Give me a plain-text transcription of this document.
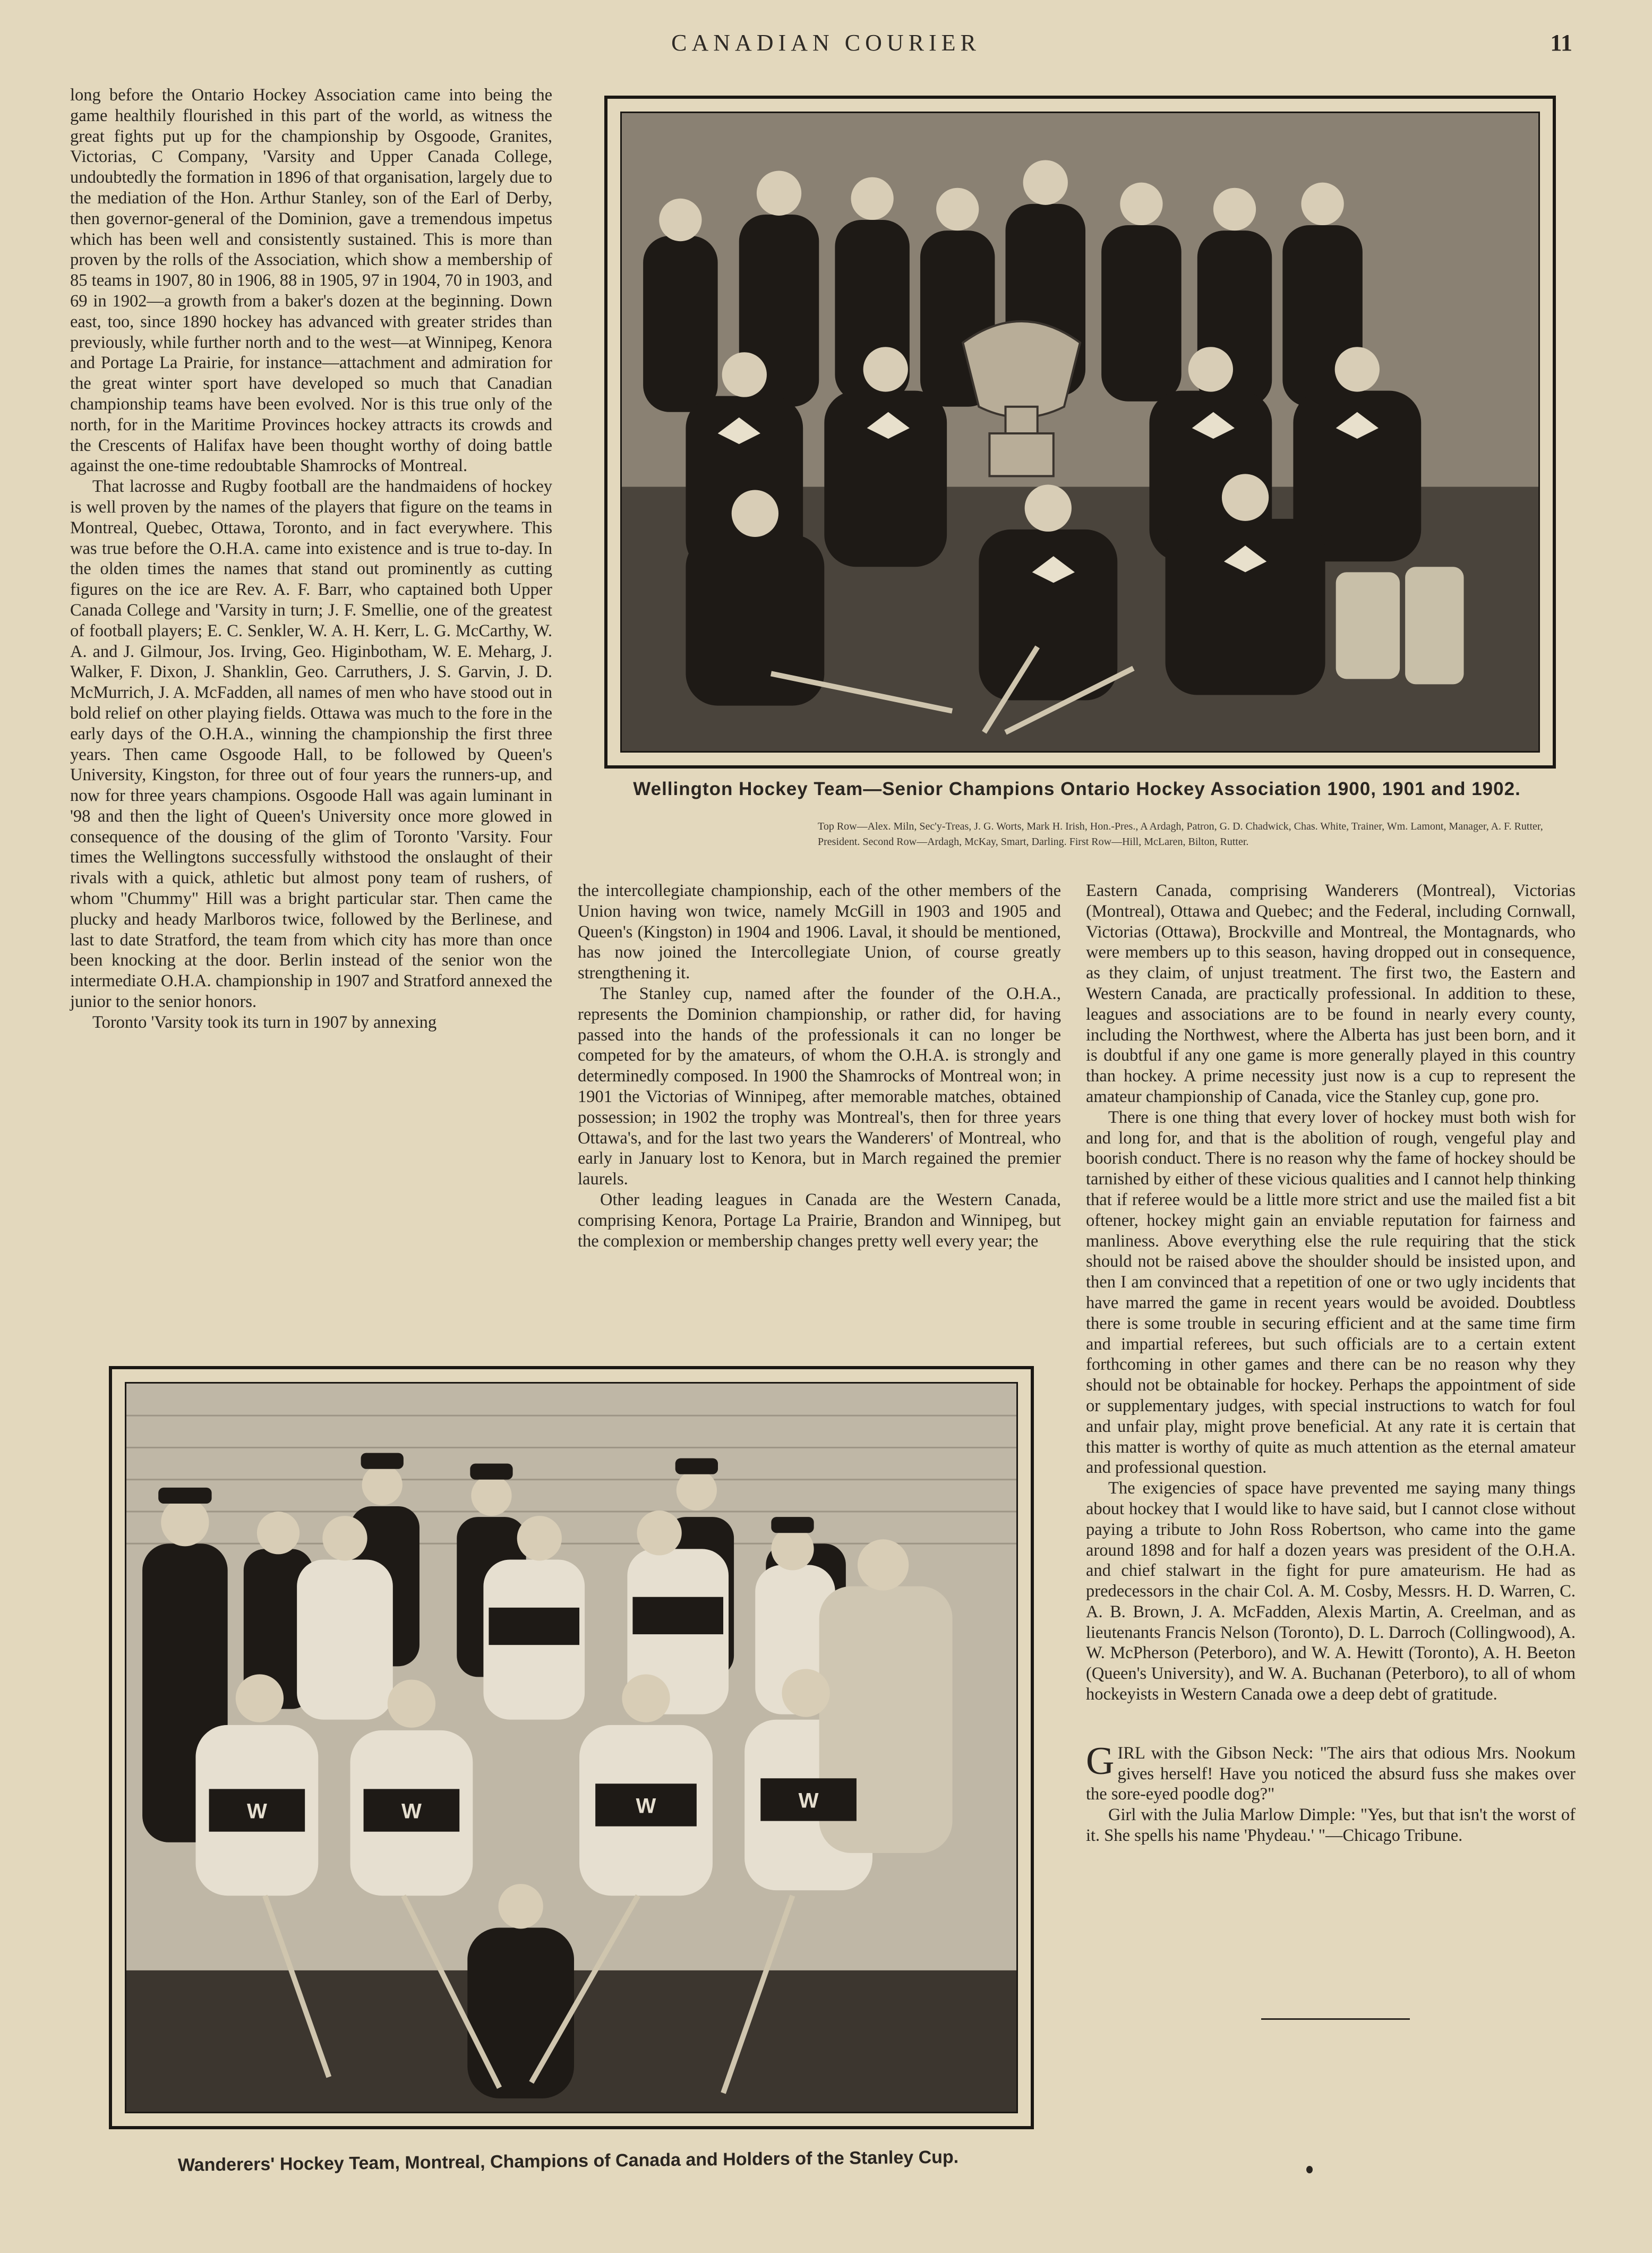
CANADIAN COURIER	11

long before the Ontario Hockey Association came into being the game healthily flourished in this part of the world, as witness the great fights put up for the championship by Osgoode, Granites, Victorias, C Company, 'Varsity and Upper Canada College, undoubtedly the formation in 1896 of that organisation, largely due to the mediation of the Hon. Arthur Stanley, son of the Earl of Derby, then governor-general of the Dominion, gave a tremendous impetus which has been well and consistently sustained. This is more than proven by the rolls of the Association, which show a membership of 85 teams in 1907, 80 in 1906, 88 in 1905, 97 in 1904, 70 in 1903, and 69 in 1902—a growth from a baker's dozen at the beginning. Down east, too, since 1890 hockey has advanced with greater strides than previously, while further north and to the west—at Winnipeg, Kenora and Portage La Prairie, for instance—attachment and admiration for the great winter sport have developed so much that Canadian championship teams have been evolved. Nor is this true only of the north, for in the Maritime Provinces hockey attracts its crowds and the Crescents of Halifax have been thought worthy of doing battle against the one-time redoubtable Shamrocks of Montreal.

That lacrosse and Rugby football are the handmaidens of hockey is well proven by the names of the players that figure on the teams in Montreal, Quebec, Ottawa, Toronto, and in fact everywhere. This was true before the O.H.A. came into existence and is true to-day. In the olden times the names that stand out prominently as cutting figures on the ice are Rev. A. F. Barr, who captained both Upper Canada College and 'Varsity in turn; J. F. Smellie, one of the greatest of football players; E. C. Senkler, W. A. H. Kerr, L. G. McCarthy, W. A. and J. Gilmour, Jos. Irving, Geo. Higinbotham, W. E. Meharg, J. Walker, F. Dixon, J. Shanklin, Geo. Carruthers, J. S. Garvin, J. D. McMurrich, J. A. McFadden, all names of men who have stood out in bold relief on other playing fields. Ottawa was much to the fore in the early days of the O.H.A., winning the championship the first three years. Then came Osgoode Hall, to be followed by Queen's University, Kingston, for three out of four years the runners-up, and now for three years champions. Osgoode Hall was again luminant in '98 and then the light of Queen's University once more glowed in consequence of the dousing of the glim of Toronto 'Varsity. Four times the Wellingtons successfully withstood the onslaught of their rivals with a quick, athletic but almost pony team of rushers, of whom "Chummy" Hill was a bright particular star. Then came the plucky and heady Marlboros twice, followed by the Berlinese, and last to date Stratford, the team from which city has more than once been knocking at the door. Berlin instead of the senior won the intermediate O.H.A. championship in 1907 and Stratford annexed the junior to the senior honors.

Toronto 'Varsity took its turn in 1907 by annexing

Wellington Hockey Team—Senior Champions Ontario Hockey Association 1900, 1901 and 1902.
Top Row—Alex. Miln, Sec'y-Treas, J. G. Worts, Mark H. Irish, Hon.-Pres., A Ardagh, Patron, G. D. Chadwick, Chas. White, Trainer, Wm. Lamont, Manager, A. F. Rutter, President. Second Row—Ardagh, McKay, Smart, Darling. First Row—Hill, McLaren, Bilton, Rutter.

the intercollegiate championship, each of the other members of the Union having won twice, namely McGill in 1903 and 1905 and Queen's (Kingston) in 1904 and 1906. Laval, it should be mentioned, has now joined the Intercollegiate Union, of course greatly strengthening it.

The Stanley cup, named after the founder of the O.H.A., represents the Dominion championship, or rather did, for having passed into the hands of the professionals it can no longer be competed for by the amateurs, of whom the O.H.A. is strongly and determinedly composed. In 1900 the Shamrocks of Montreal won; in 1901 the Victorias of Winnipeg, after memorable matches, obtained possession; in 1902 the trophy was Montreal's, then for three years Ottawa's, and for the last two years the Wanderers' of Montreal, who early in January lost to Kenora, but in March regained the premier laurels.

Other leading leagues in Canada are the Western Canada, comprising Kenora, Portage La Prairie, Brandon and Winnipeg, but the complexion or membership changes pretty well every year; the

Eastern Canada, comprising Wanderers (Montreal), Victorias (Montreal), Ottawa and Quebec; and the Federal, including Cornwall, Victorias (Ottawa), Brockville and Montreal, the Montagnards, who were members up to this season, having dropped out in consequence, as they claim, of unjust treatment. The first two, the Eastern and Western Canada, are practically professional. In addition to these, leagues and associations are to be found in nearly every county, including the Northwest, where the Alberta has just been born, and it is doubtful if any one game is more generally played in this country than hockey. A prime necessity just now is a cup to represent the amateur championship of Canada, vice the Stanley cup, gone pro.

There is one thing that every lover of hockey must both wish for and long for, and that is the abolition of rough, vengeful play and boorish conduct. There is no reason why the fame of hockey should be tarnished by either of these vicious qualities and I cannot help thinking that if referee would be a little more strict and use the mailed fist a bit oftener, hockey might gain an enviable reputation for fairness and manliness. Above everything else the rule requiring that the stick should not be raised above the shoulder should be insisted upon, and then I am convinced that a repetition of one or two ugly incidents that have marred the game in recent years would be avoided. Doubtless there is some trouble in securing efficient and at the same time firm and impartial referees, but such officials are to a certain extent forthcoming in other games and there can be no reason why they should not be obtainable for hockey. Perhaps the appointment of side or supplementary judges, with special instructions to watch for foul and unfair play, might prove beneficial. At any rate it is certain that this matter is worthy of quite as much attention as the eternal amateur and professional question.

The exigencies of space have prevented me saying many things about hockey that I would like to have said, but I cannot close without paying a tribute to John Ross Robertson, who came into the game around 1898 and for half a dozen years was president of the O.H.A. and chief stalwart in the fight for pure amateurism. He had as predecessors in the chair Col. A. M. Cosby, Messrs. H. D. Warren, C. A. B. Brown, J. A. McFadden, Alexis Martin, A. Creelman, and as lieutenants Francis Nelson (Toronto), D. L. Darroch (Collingwood), A. W. McPherson (Peterboro), and W. A. Hewitt (Toronto), A. H. Beeton (Queen's University), and W. A. Buchanan (Peterboro), to all of whom hockeyists in Western Canada owe a deep debt of gratitude.

GIRL with the Gibson Neck: "The airs that odious Mrs. Nookum gives herself! Have you noticed the absurd fuss she makes over the sore-eyed poodle dog?"

Girl with the Julia Marlow Dimple: "Yes, but that isn't the worst of it. She spells his name 'Phydeau.' "—Chicago Tribune.

W	W	W	W
Wanderers' Hockey Team, Montreal, Champions of Canada and Holders of the Stanley Cup.
